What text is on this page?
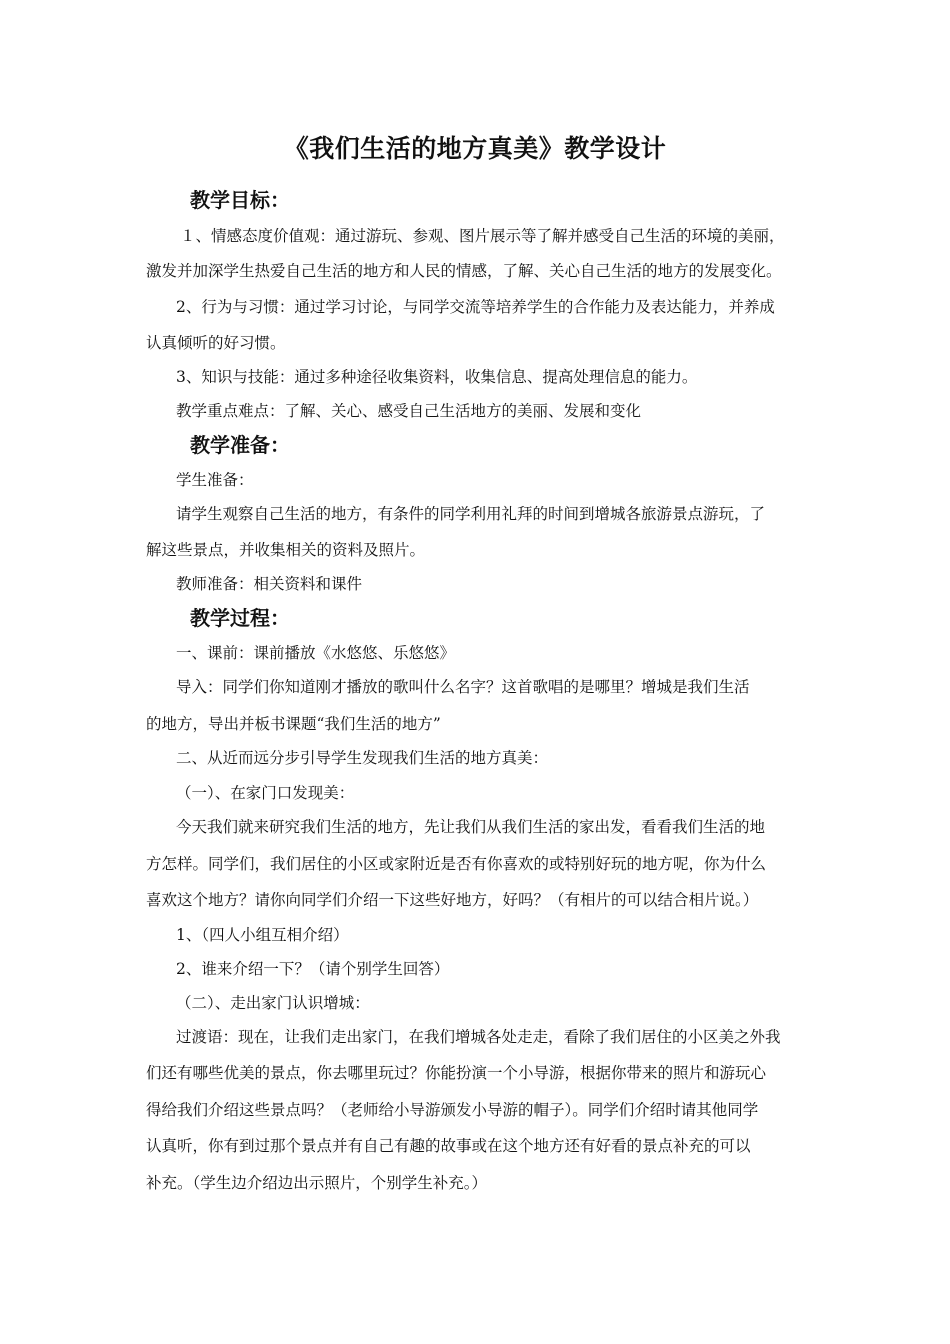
《我们生活的地方真美》教学设计
教学目标：
１、情感态度价值观：通过游玩、参观、图片展示等了解并感受自己生活的环境的美丽，
激发并加深学生热爱自己生活的地方和人民的情感，了解、关心自己生活的地方的发展变化。
2、行为与习惯：通过学习讨论，与同学交流等培养学生的合作能力及表达能力，并养成
认真倾听的好习惯。
3、知识与技能：通过多种途径收集资料，收集信息、提高处理信息的能力。
教学重点难点：了解、关心、感受自己生活地方的美丽、发展和变化
教学准备：
学生准备：
请学生观察自己生活的地方，有条件的同学利用礼拜的时间到增城各旅游景点游玩，了
解这些景点，并收集相关的资料及照片。
教师准备：相关资料和课件
教学过程：
一、课前：课前播放《水悠悠、乐悠悠》
导入：同学们你知道刚才播放的歌叫什么名字？这首歌唱的是哪里？增城是我们生活
的地方，导出并板书课题“我们生活的地方”
二、从近而远分步引导学生发现我们生活的地方真美：
（一）、在家门口发现美：
今天我们就来研究我们生活的地方，先让我们从我们生活的家出发，看看我们生活的地
方怎样。同学们，我们居住的小区或家附近是否有你喜欢的或特别好玩的地方呢，你为什么
喜欢这个地方？请你向同学们介绍一下这些好地方，好吗？（有相片的可以结合相片说。）
1、（四人小组互相介绍）
2、谁来介绍一下？（请个别学生回答）
（二）、走出家门认识增城：
过渡语：现在，让我们走出家门，在我们增城各处走走，看除了我们居住的小区美之外我
们还有哪些优美的景点，你去哪里玩过？你能扮演一个小导游，根据你带来的照片和游玩心
得给我们介绍这些景点吗？（老师给小导游颁发小导游的帽子）。同学们介绍时请其他同学
认真听，你有到过那个景点并有自己有趣的故事或在这个地方还有好看的景点补充的可以
补充。（学生边介绍边出示照片，个别学生补充。）
